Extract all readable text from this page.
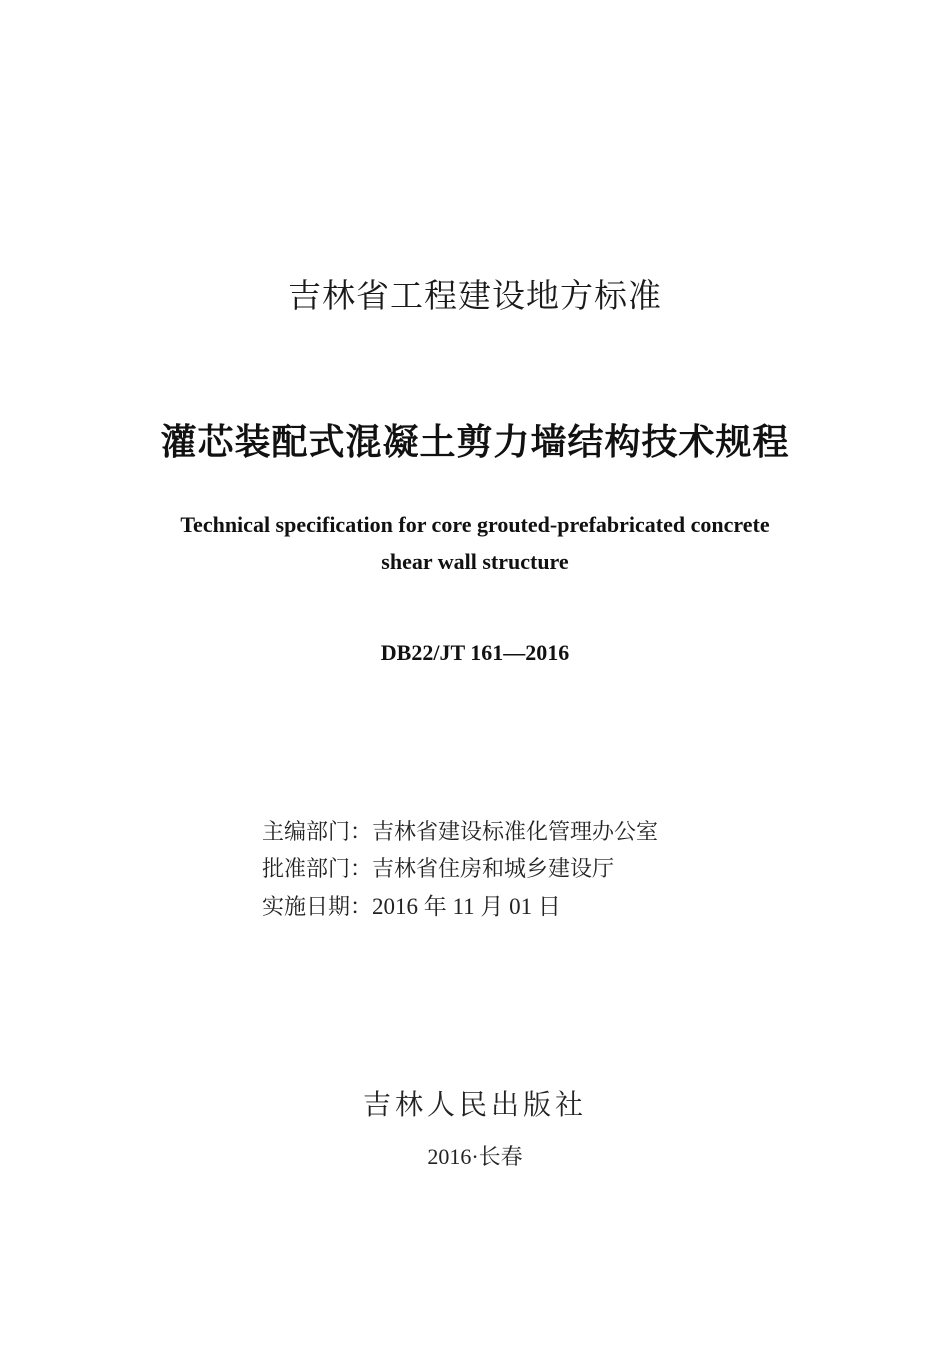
吉林省工程建设地方标准
灌芯装配式混凝土剪力墙结构技术规程
Technical specification for core grouted-prefabricated concrete
shear wall structure
DB22/JT 161—2016
主编部门：吉林省建设标准化管理办公室
批准部门：吉林省住房和城乡建设厅
实施日期：2016 年 11 月 01 日
吉林人民出版社
2016·长春
